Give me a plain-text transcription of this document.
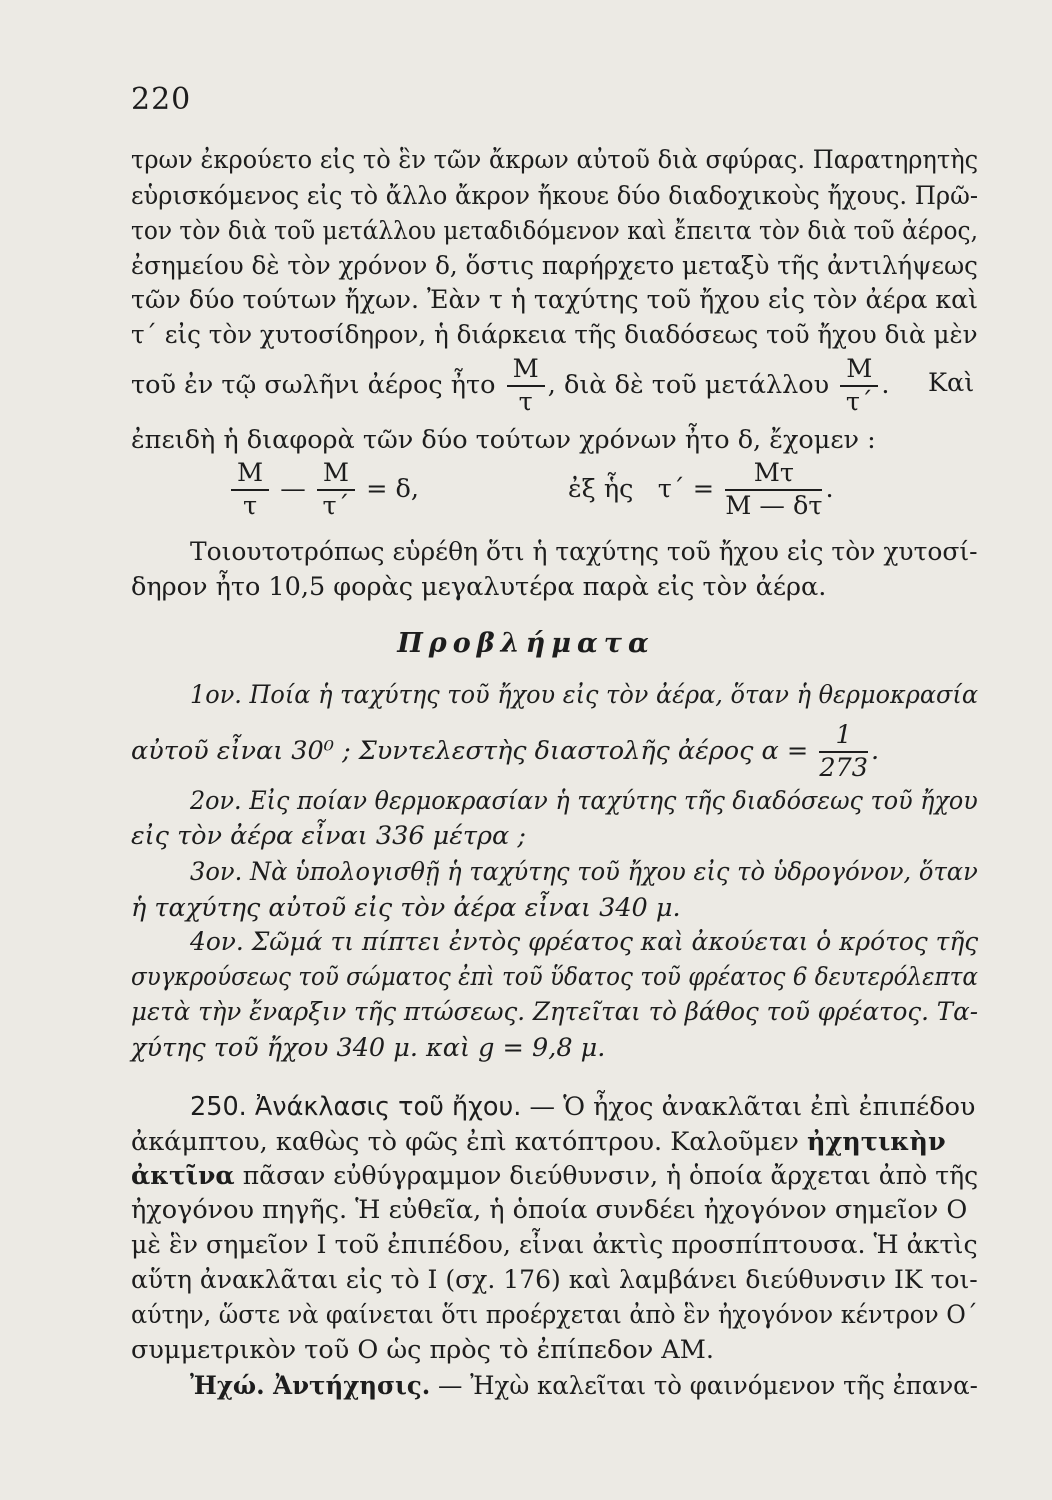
220
τρων ἐκρούετο εἰς τὸ ἓν τῶν ἄκρων αὐτοῦ διὰ σφύρας. Παρατηρητὴς
εὑρισκόμενος εἰς τὸ ἄλλο ἄκρον ἤκουε δύο διαδοχικοὺς ἤχους. Πρῶ-
τον τὸν διὰ τοῦ μετάλλου μεταδιδόμενον καὶ ἔπειτα τὸν διὰ τοῦ ἀέρος,
ἐσημείου δὲ τὸν χρόνον δ, ὅστις παρήρχετο μεταξὺ τῆς ἀντιλήψεως
τῶν δύο τούτων ἤχων. Ἐὰν τ ἡ ταχύτης τοῦ ἤχου εἰς τὸν ἀέρα καὶ
τ΄ εἰς τὸν χυτοσίδηρον, ἡ διάρκεια τῆς διαδόσεως τοῦ ἤχου διὰ μὲν
τοῦ ἐν τῷ σωλῆνι ἀέρος ἦτο $\frac{M}{\tau}$ , διὰ δὲ τοῦ μετάλλου $\frac{M}{\tau΄}$ . Καὶ
ἐπειδὴ ἡ διαφορὰ τῶν δύο τούτων χρόνων ἦτο δ, ἔχομεν :
$\frac{M}{\tau}$ — $\frac{M}{\tau΄} = \delta$,	ἐξ ἧς $\tau΄ = \frac{M\tau}{M — \delta\tau}$ .
Τοιουτοτρόπως εὑρέθη ὅτι ἡ ταχύτης τοῦ ἤχου εἰς τὸν χυτοσί-
δηρον ἦτο 10,5 φορὰς μεγαλυτέρα παρὰ εἰς τὸν ἀέρα.
Προβλήματα
1ον. Ποία ἡ ταχύτης τοῦ ἤχου εἰς τὸν ἀέρα, ὅταν ἡ θερμοκρασία
αὐτοῦ εἶναι 30⁰ ; Συντελεστὴς διαστολῆς ἀέρος $\alpha = \frac{1}{273}$ .
2ον. Εἰς ποίαν θερμοκρασίαν ἡ ταχύτης τῆς διαδόσεως τοῦ ἤχου
εἰς τὸν ἀέρα εἶναι 336 μέτρα ;
3ον. Νὰ ὑπολογισθῇ ἡ ταχύτης τοῦ ἤχου εἰς τὸ ὑδρογόνον, ὅταν
ἡ ταχύτης αὐτοῦ εἰς τὸν ἀέρα εἶναι 340 μ.
4ον. Σῶμά τι πίπτει ἐντὸς φρέατος καὶ ἀκούεται ὁ κρότος τῆς
συγκρούσεως τοῦ σώματος ἐπὶ τοῦ ὕδατος τοῦ φρέατος 6 δευτερόλεπτα
μετὰ τὴν ἔναρξιν τῆς πτώσεως. Ζητεῖται τὸ βάθος τοῦ φρέατος. Τα-
χύτης τοῦ ἤχου 340 μ. καὶ g = 9,8 μ.
250. Ἀνάκλασις τοῦ ἤχου. — Ὁ ἦχος ἀνακλᾶται ἐπὶ ἐπιπέδου
ἀκάμπτου, καθὼς τὸ φῶς ἐπὶ κατόπτρου. Καλοῦμεν ἠχητικὴν
ἀκτῖνα πᾶσαν εὐθύγραμμον διεύθυνσιν, ἡ ὁποία ἄρχεται ἀπὸ τῆς
ἠχογόνου πηγῆς. Ἡ εὐθεῖα, ἡ ὁποία συνδέει ἠχογόνον σημεῖον O
μὲ ἓν σημεῖον I τοῦ ἐπιπέδου, εἶναι ἀκτὶς προσπίπτουσα. Ἡ ἀκτὶς
αὕτη ἀνακλᾶται εἰς τὸ I (σχ. 176) καὶ λαμβάνει διεύθυνσιν IK τοι-
αύτην, ὥστε νὰ φαίνεται ὅτι προέρχεται ἀπὸ ἓν ἠχογόνον κέντρον O΄
συμμετρικὸν τοῦ O ὡς πρὸς τὸ ἐπίπεδον AM.
Ἠχώ. Ἀντήχησις. — Ἠχὼ καλεῖται τὸ φαινόμενον τῆς ἐπανα-
